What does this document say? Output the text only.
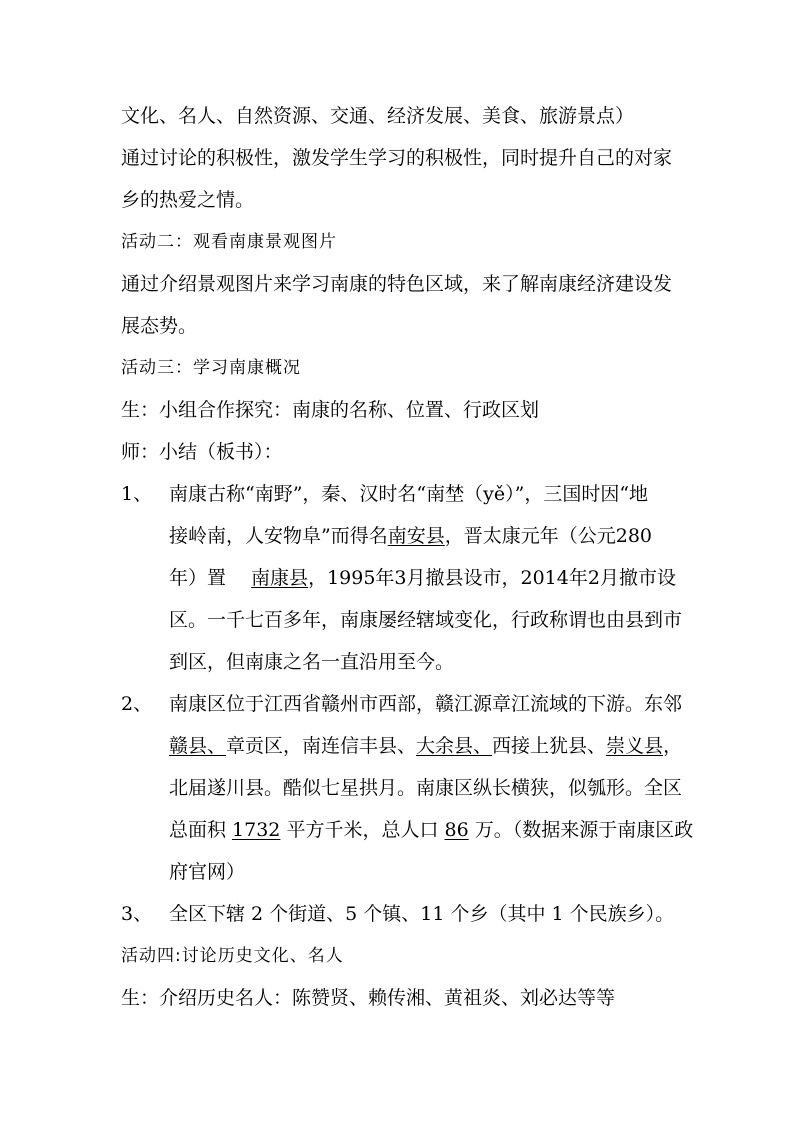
文化、名人、自然资源、交通、经济发展、美食、旅游景点）
通过讨论的积极性，激发学生学习的积极性，同时提升自己的对家
乡的热爱之情。
活动二：观看南康景观图片
通过介绍景观图片来学习南康的特色区域，来了解南康经济建设发
展态势。
活动三：学习南康概况
生：小组合作探究：南康的名称、位置、行政区划
师：小结（板书）：
1、 南康古称“南野”，秦、汉时名“南埜（yě）”，三国时因“地
接岭南，人安物阜”而得名南安县，晋太康元年（公元280
年）置　 南康县，1995年3月撤县设市，2014年2月撤市设
区。一千七百多年，南康屡经辖域变化，行政称谓也由县到市
到区，但南康之名一直沿用至今。
2、 南康区位于江西省赣州市西部，赣江源章江流域的下游。东邻
赣县、章贡区，南连信丰县、大余县、西接上犹县、崇义县，
北届遂川县。酷似七星拱月。南康区纵长横狭，似瓠形。全区
总面积 1732 平方千米，总人口 86 万。（数据来源于南康区政
府官网）
3、 全区下辖 2 个街道、5 个镇、11 个乡（其中 1 个民族乡）。
活动四:讨论历史文化、名人
生：介绍历史名人：陈赞贤、赖传湘、黄祖炎、刘必达等等
